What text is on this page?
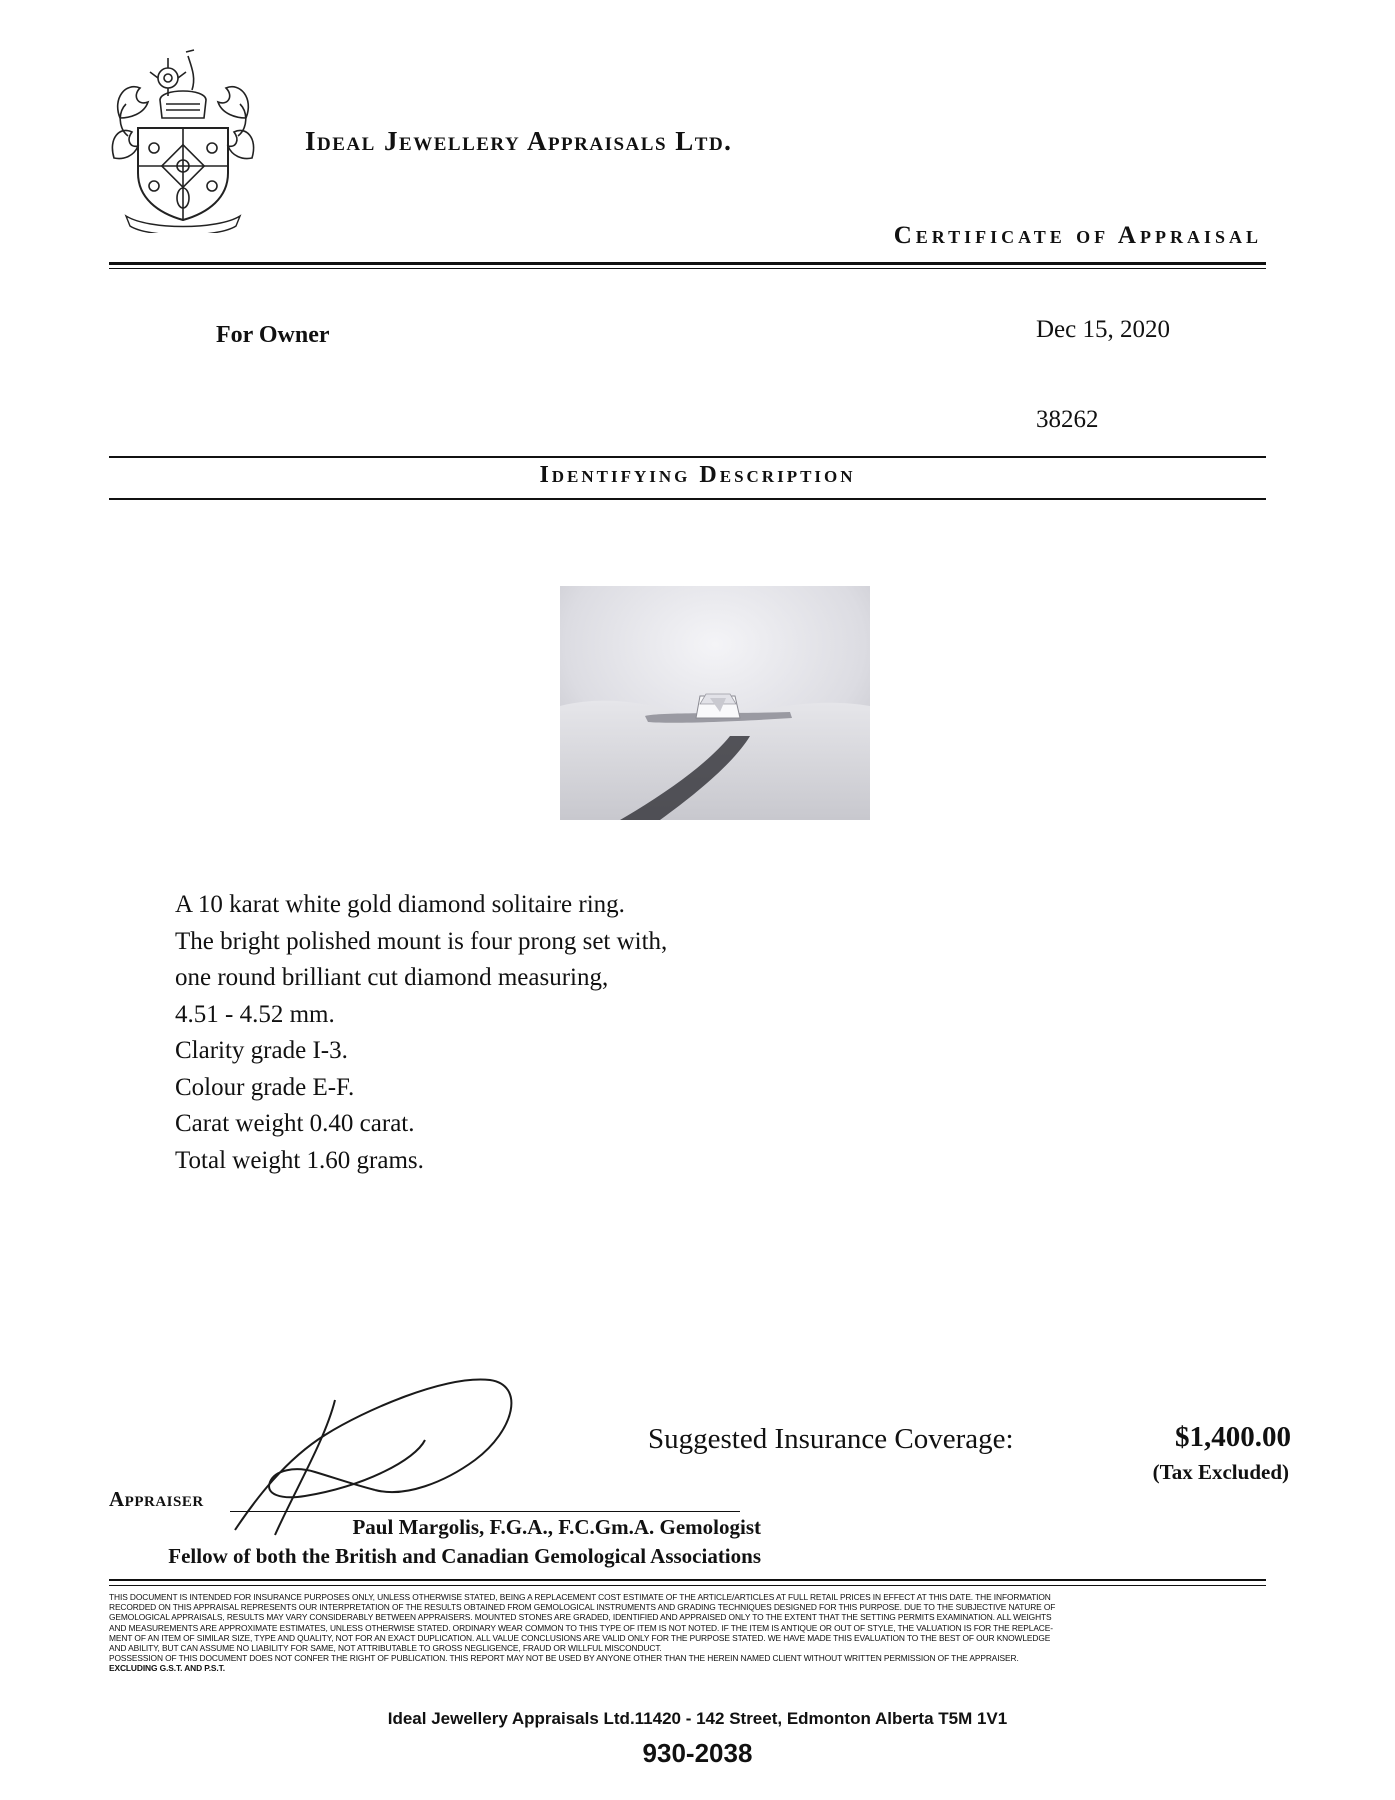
Ideal Jewellery Appraisals Ltd.
Certificate of Appraisal
For Owner	Dec 15, 2020
38262
Identifying Description
A 10 karat white gold diamond solitaire ring.
The bright polished mount is four prong set with,
one round brilliant cut diamond measuring,
4.51 - 4.52 mm.
Clarity grade I-3.
Colour grade E-F.
Carat weight 0.40 carat.
Total weight 1.60 grams.
Suggested Insurance Coverage:	$1,400.00
(Tax Excluded)
Appraiser
Paul Margolis, F.G.A., F.C.Gm.A. Gemologist
Fellow of both the British and Canadian Gemological Associations
THIS DOCUMENT IS INTENDED FOR INSURANCE PURPOSES ONLY, UNLESS OTHERWISE STATED, BEING A REPLACEMENT COST ESTIMATE OF THE ARTICLE/ARTICLES AT FULL RETAIL PRICES IN EFFECT AT THIS DATE. THE INFORMATION
RECORDED ON THIS APPRAISAL REPRESENTS OUR INTERPRETATION OF THE RESULTS OBTAINED FROM GEMOLOGICAL INSTRUMENTS AND GRADING TECHNIQUES DESIGNED FOR THIS PURPOSE. DUE TO THE SUBJECTIVE NATURE OF
GEMOLOGICAL APPRAISALS, RESULTS MAY VARY CONSIDERABLY BETWEEN APPRAISERS. MOUNTED STONES ARE GRADED, IDENTIFIED AND APPRAISED ONLY TO THE EXTENT THAT THE SETTING PERMITS EXAMINATION. ALL WEIGHTS
AND MEASUREMENTS ARE APPROXIMATE ESTIMATES, UNLESS OTHERWISE STATED. ORDINARY WEAR COMMON TO THIS TYPE OF ITEM IS NOT NOTED. IF THE ITEM IS ANTIQUE OR OUT OF STYLE, THE VALUATION IS FOR THE REPLACE-
MENT OF AN ITEM OF SIMILAR SIZE, TYPE AND QUALITY, NOT FOR AN EXACT DUPLICATION. ALL VALUE CONCLUSIONS ARE VALID ONLY FOR THE PURPOSE STATED. WE HAVE MADE THIS EVALUATION TO THE BEST OF OUR KNOWLEDGE
AND ABILITY, BUT CAN ASSUME NO LIABILITY FOR SAME, NOT ATTRIBUTABLE TO GROSS NEGLIGENCE, FRAUD OR WILLFUL MISCONDUCT.
POSSESSION OF THIS DOCUMENT DOES NOT CONFER THE RIGHT OF PUBLICATION. THIS REPORT MAY NOT BE USED BY ANYONE OTHER THAN THE HEREIN NAMED CLIENT WITHOUT WRITTEN PERMISSION OF THE APPRAISER.
EXCLUDING G.S.T. AND P.S.T.
Ideal Jewellery Appraisals Ltd.11420 - 142 Street, Edmonton Alberta T5M 1V1
930-2038
